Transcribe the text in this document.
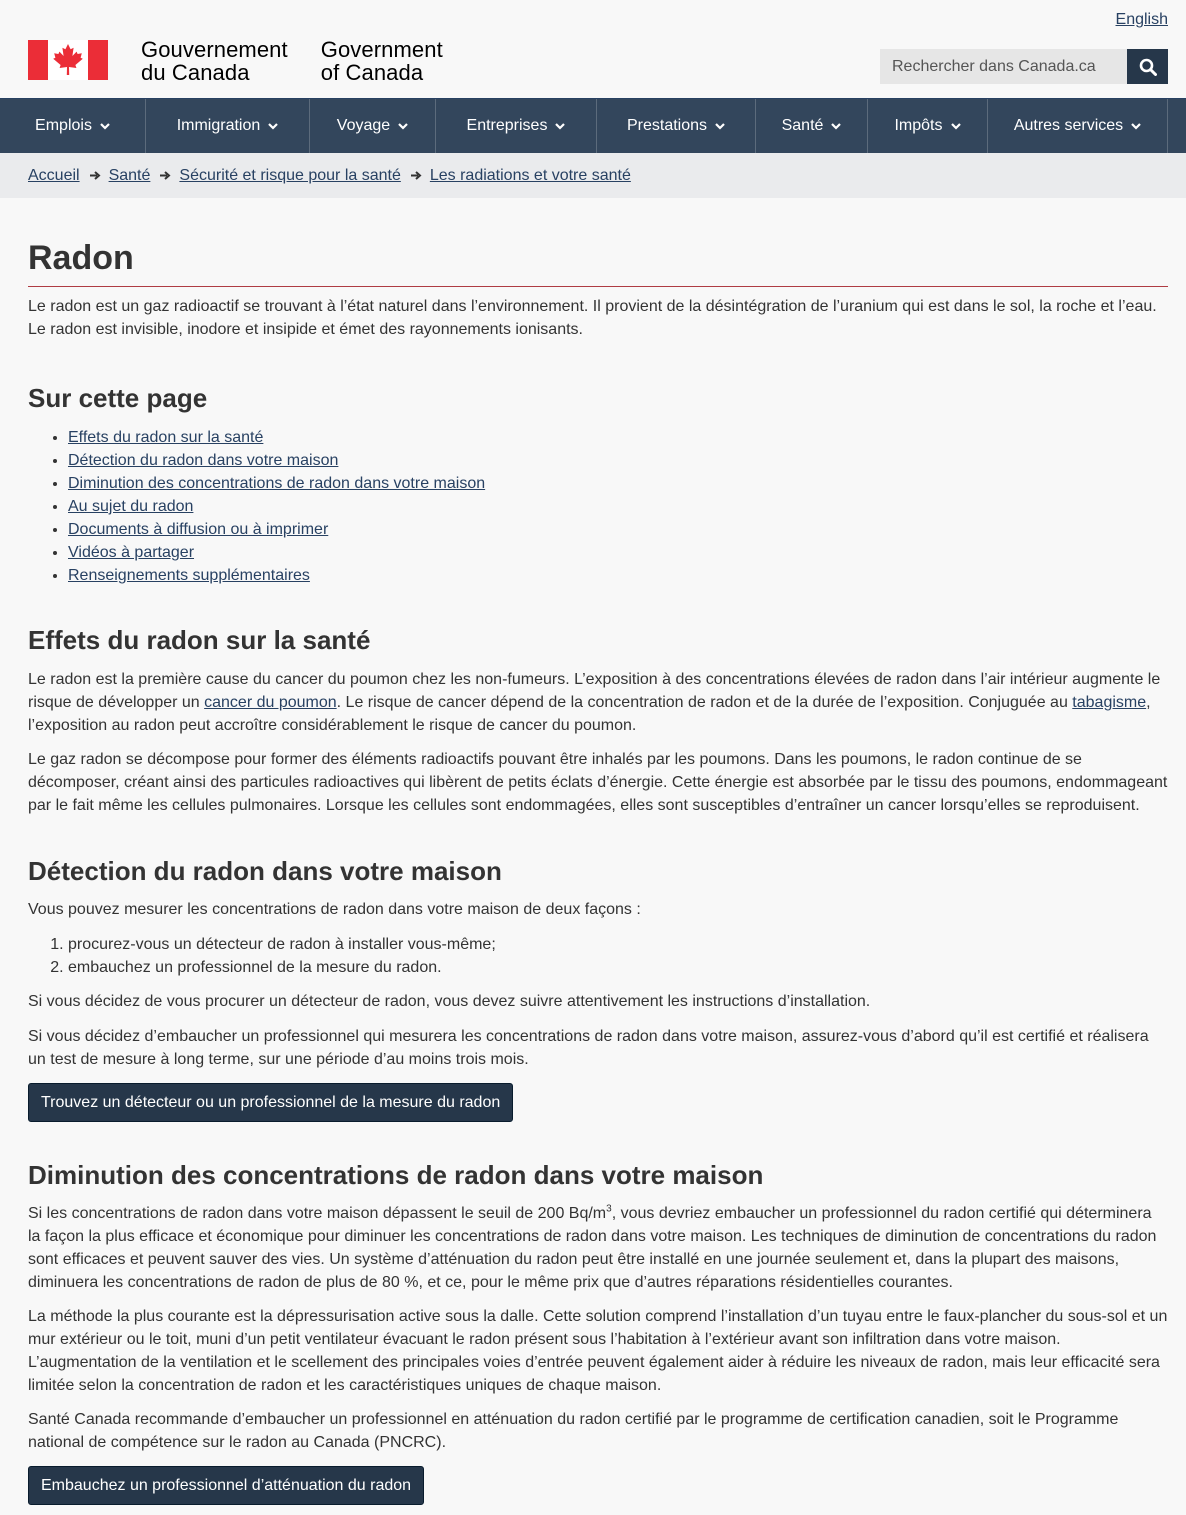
English
Gouvernement
du Canada
Government
of Canada
Rechercher dans Canada.ca
Emplois	Immigration	Voyage	Entreprises	Prestations	Santé	Impôts	Autres services
Accueil Santé Sécurité et risque pour la santé Les radiations et votre santé
Radon

Le radon est un gaz radioactif se trouvant à l’état naturel dans l’environnement. Il provient de la désintégration de l’uranium qui est dans le sol, la roche et l’eau. Le radon est invisible, inodore et insipide et émet des rayonnements ionisants.

Sur cette page
• Effets du radon sur la santé
• Détection du radon dans votre maison
• Diminution des concentrations de radon dans votre maison
• Au sujet du radon
• Documents à diffusion ou à imprimer
• Vidéos à partager
• Renseignements supplémentaires
Effets du radon sur la santé

Le radon est la première cause du cancer du poumon chez les non-fumeurs. L’exposition à des concentrations élevées de radon dans l’air intérieur augmente le risque de développer un cancer du poumon. Le risque de cancer dépend de la concentration de radon et de la durée de l’exposition. Conjuguée au tabagisme, l’exposition au radon peut accroître considérablement le risque de cancer du poumon.

Le gaz radon se décompose pour former des éléments radioactifs pouvant être inhalés par les poumons. Dans les poumons, le radon continue de se décomposer, créant ainsi des particules radioactives qui libèrent de petits éclats d’énergie. Cette énergie est absorbée par le tissu des poumons, endommageant par le fait même les cellules pulmonaires. Lorsque les cellules sont endommagées, elles sont susceptibles d’entraîner un cancer lorsqu’elles se reproduisent.

Détection du radon dans votre maison

Vous pouvez mesurer les concentrations de radon dans votre maison de deux façons :

1. procurez-vous un détecteur de radon à installer vous-même;
2. embauchez un professionnel de la mesure du radon.

Si vous décidez de vous procurer un détecteur de radon, vous devez suivre attentivement les instructions d’installation.

Si vous décidez d’embaucher un professionnel qui mesurera les concentrations de radon dans votre maison, assurez-vous d’abord qu’il est certifié et réalisera un test de mesure à long terme, sur une période d’au moins trois mois.

Trouvez un détecteur ou un professionnel de la mesure du radon
Diminution des concentrations de radon dans votre maison

Si les concentrations de radon dans votre maison dépassent le seuil de 200 $Bq/m^3$, vous devriez embaucher un professionnel du radon certifié qui déterminera la façon la plus efficace et économique pour diminuer les concentrations de radon dans votre maison. Les techniques de diminution de concentrations du radon sont efficaces et peuvent sauver des vies. Un système d’atténuation du radon peut être installé en une journée seulement et, dans la plupart des maisons, diminuera les concentrations de radon de plus de 80 %, et ce, pour le même prix que d’autres réparations résidentielles courantes.

La méthode la plus courante est la dépressurisation active sous la dalle. Cette solution comprend l’installation d’un tuyau entre le faux-plancher du sous-sol et un mur extérieur ou le toit, muni d’un petit ventilateur évacuant le radon présent sous l’habitation à l’extérieur avant son infiltration dans votre maison. L’augmentation de la ventilation et le scellement des principales voies d’entrée peuvent également aider à réduire les niveaux de radon, mais leur efficacité sera limitée selon la concentration de radon et les caractéristiques uniques de chaque maison.

Santé Canada recommande d’embaucher un professionnel en atténuation du radon certifié par le programme de certification canadien, soit le Programme national de compétence sur le radon au Canada (PNCRC).

Embauchez un professionnel d’atténuation du radon
